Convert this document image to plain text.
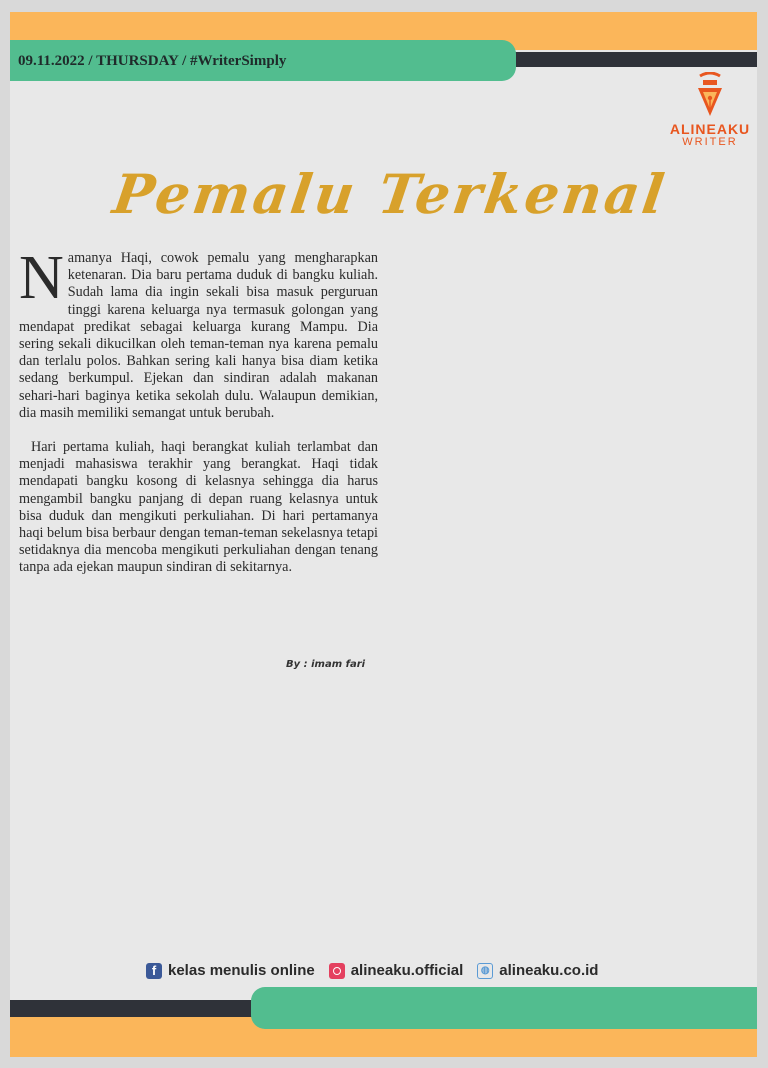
09.11.2022 / THURSDAY / #WriterSimply
ALINEAKU
WRITER
Pemalu Terkenal

Namanya Haqi, cowok pemalu yang mengharapkan ketenaran. Dia baru pertama duduk di bangku kuliah. Sudah lama dia ingin sekali bisa masuk perguruan tinggi karena keluarga nya termasuk golongan yang mendapat predikat sebagai keluarga kurang Mampu. Dia sering sekali dikucilkan oleh teman-teman nya karena pemalu dan terlalu polos. Bahkan sering kali hanya bisa diam ketika sedang berkumpul. Ejekan dan sindiran adalah makanan sehari-hari baginya ketika sekolah dulu. Walaupun demikian, dia masih memiliki semangat untuk berubah.

Hari pertama kuliah, haqi berangkat kuliah terlambat dan menjadi mahasiswa terakhir yang berangkat. Haqi tidak mendapati bangku kosong di kelasnya sehingga dia harus mengambil bangku panjang di depan ruang kelasnya untuk bisa duduk dan mengikuti perkuliahan. Di hari pertamanya haqi belum bisa berbaur dengan teman-teman sekelasnya tetapi setidaknya dia mencoba mengikuti perkuliahan dengan tenang tanpa ada ejekan maupun sindiran di sekitarnya.

By : imam fari
f kelas menulis online alineaku.official	◍ alineaku.co.id
